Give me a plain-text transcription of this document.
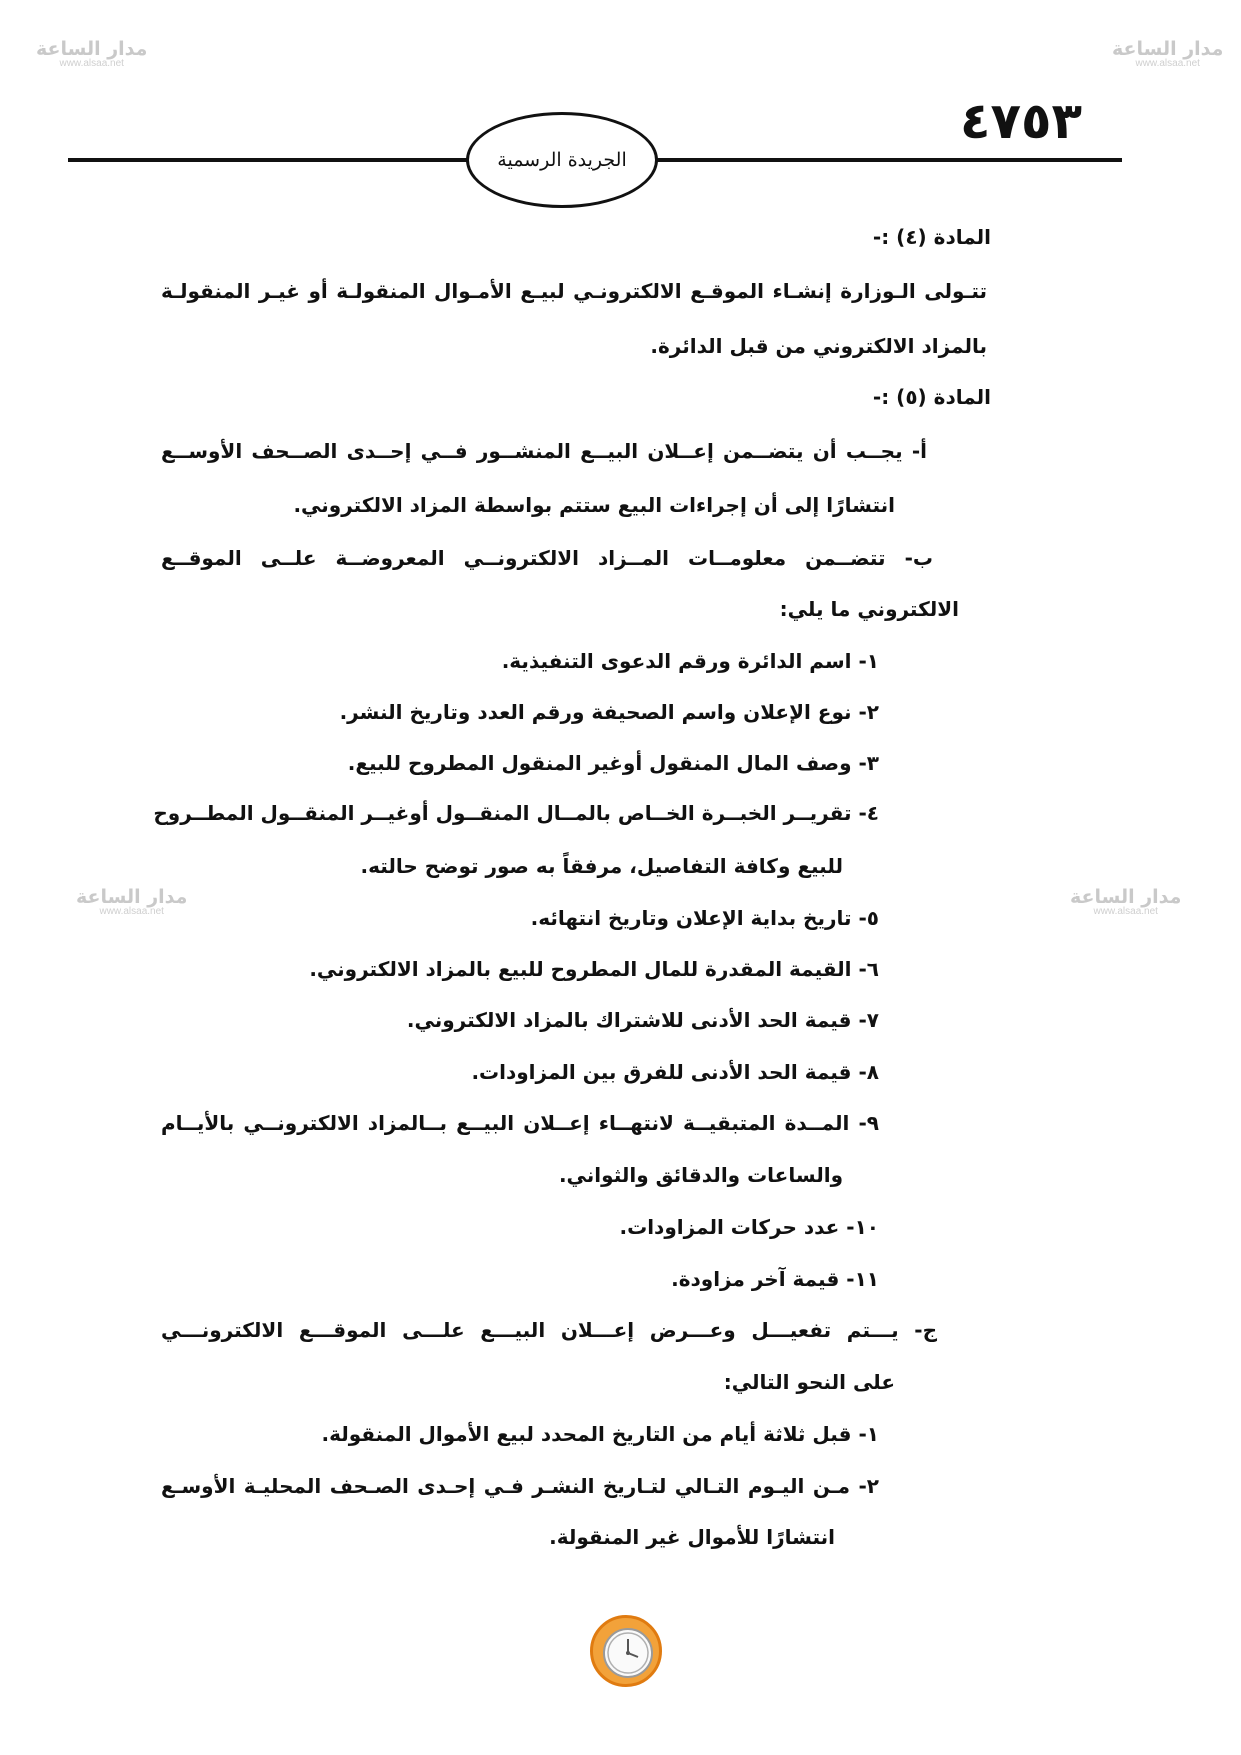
مدار الساعة
www.alsaa.net
مدار الساعة
www.alsaa.net
مدار الساعة
www.alsaa.net
مدار الساعة
www.alsaa.net
٤٧٥٣
الجريدة الرسمية
المادة (٤) :-
تتـولى الـوزارة إنشـاء الموقـع الالكترونـي لبيـع الأمـوال المنقولـة أو غيـر المنقولـة
بالمزاد الالكتروني من قبل الدائرة.
المادة (٥) :-
أ- يجــب أن يتضــمن إعــلان البيــع المنشــور فــي إحــدى الصــحف الأوســع
انتشارًا إلى أن إجراءات البيع ستتم بواسطة المزاد الالكتروني.
ب- تتضــمن معلومــات المــزاد الالكترونــي المعروضــة علــى الموقــع
الالكتروني ما يلي:
١- اسم الدائرة ورقم الدعوى التنفيذية.
٢- نوع الإعلان واسم الصحيفة ورقم العدد وتاريخ النشر.
٣- وصف المال المنقول أوغير المنقول المطروح للبيع.
٤- تقريــر الخبــرة الخــاص بالمــال المنقــول أوغيــر المنقــول المطــروح
للبيع وكافة التفاصيل، مرفقاً به صور توضح حالته.
٥- تاريخ بداية الإعلان وتاريخ انتهائه.
٦- القيمة المقدرة للمال المطروح للبيع بالمزاد الالكتروني.
٧- قيمة الحد الأدنى للاشتراك بالمزاد الالكتروني.
٨- قيمة الحد الأدنى للفرق بين المزاودات.
٩- المــدة المتبقيــة لانتهــاء إعــلان البيــع بــالمزاد الالكترونــي بالأيــام
والساعات والدقائق والثواني.
١٠- عدد حركات المزاودات.
١١- قيمة آخر مزاودة.
ج- يـــتم تفعيـــل وعـــرض إعـــلان البيـــع علـــى الموقـــع الالكترونـــي
على النحو التالي:
١- قبل ثلاثة أيام من التاريخ المحدد لبيع الأموال المنقولة.
٢- مـن اليـوم التـالي لتـاريخ النشـر فـي إحـدى الصـحف المحليـة الأوسـع
انتشارًا للأموال غير المنقولة.
